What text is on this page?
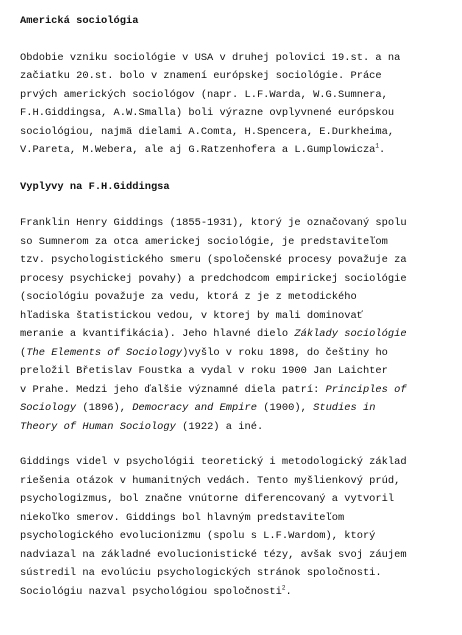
Americká sociológia

Obdobie vzniku sociológie v USA v druhej polovici 19.st. a na
začiatku 20.st. bolo v znamení európskej sociológie. Práce
prvých amerických sociológov (napr. L.F.Warda, W.G.Sumnera,
F.H.Giddingsa, A.W.Smalla) boli výrazne ovplyvnené európskou
sociológiou, najmä dielami A.Comta, H.Spencera, E.Durkheima,
V.Pareta, M.Webera, ale aj G.Ratzenhofera a L.Gumplowicza$^1$.

Vyplyvy na F.H.Giddingsa

Franklin Henry Giddings (1855-1931), ktorý je označovaný spolu
so Sumnerom za otca americkej sociológie, je predstaviteľom
tzv. psychologistického smeru (spoločenské procesy považuje za
procesy psychickej povahy) a predchodcom empirickej sociológie
(sociológiu považuje za vedu, ktorá z je z metodického
hľadiska štatistickou vedou, v ktorej by mali dominovať
meranie a kvantifikácia). Jeho hlavné dielo Základy sociológie
(The Elements of Sociology)vyšlo v roku 1898, do češtiny ho
preložil Břetislav Foustka a vydal v roku 1900 Jan Laichter
v Prahe. Medzi jeho ďalšie významné diela patrí: Principles of
Sociology (1896), Democracy and Empire (1900), Studies in
Theory of Human Sociology (1922) a iné.

Giddings videl v psychológii teoretický i metodologický základ
riešenia otázok v humanitných vedách. Tento myšlienkový prúd,
psychologizmus, bol značne vnútorne diferencovaný a vytvoril
niekoľko smerov. Giddings bol hlavným predstaviteľom
psychologického evolucionizmu (spolu s L.F.Wardom), ktorý
nadviazal na základné evolucionistické tézy, avšak svoj záujem
sústredil na evolúciu psychologických stránok spoločnosti.
Sociológiu nazval psychológiou spoločnosti$^2$.
